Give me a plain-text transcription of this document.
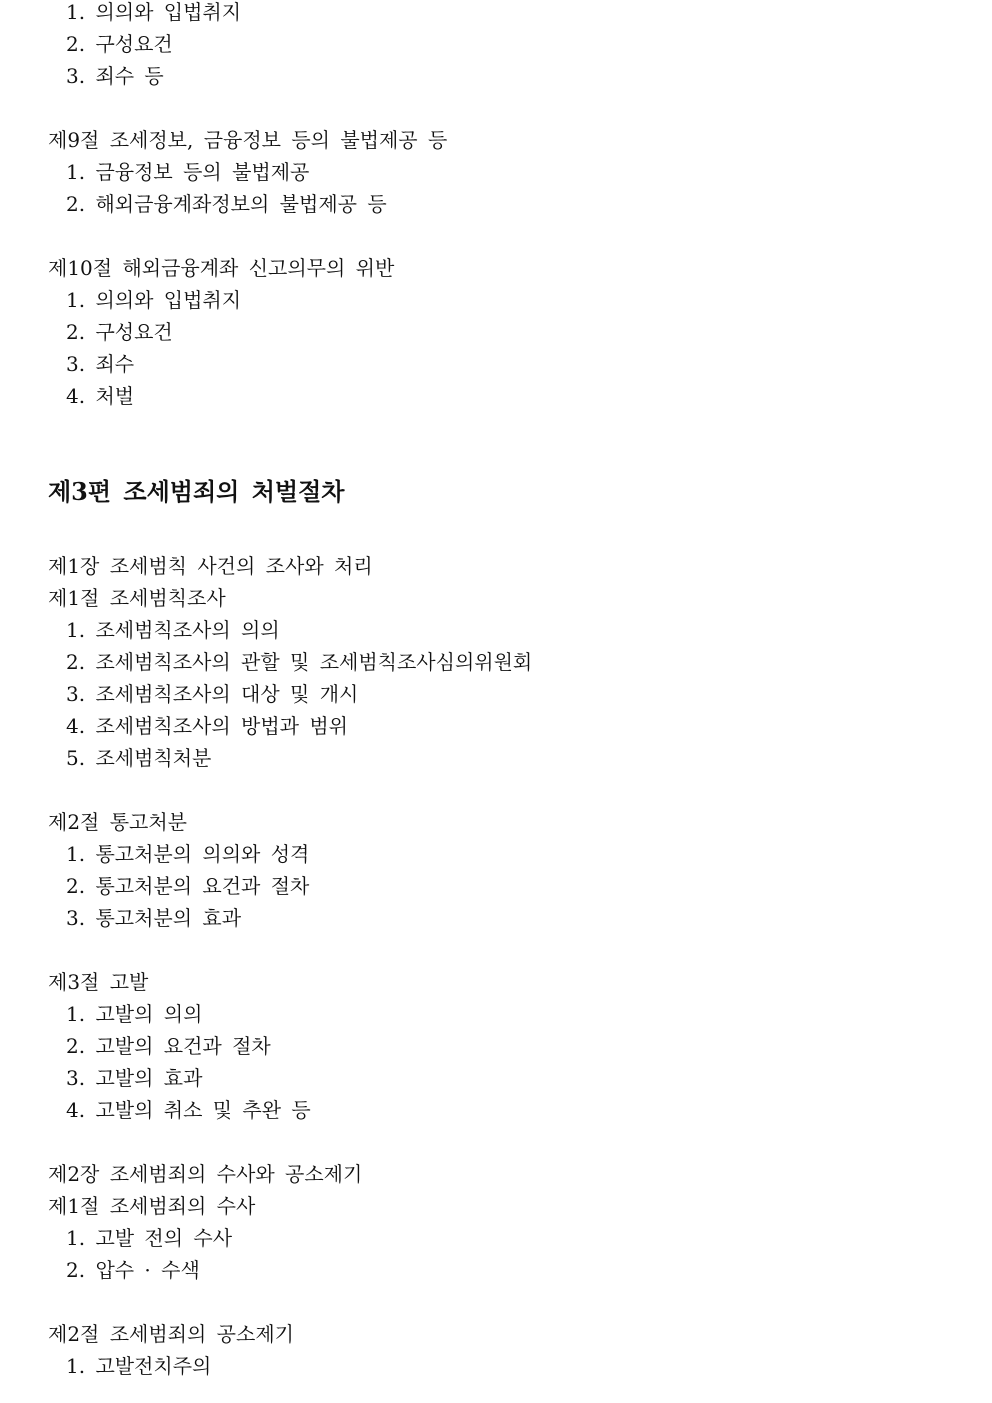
1. 의의와 입법취지
2. 구성요건
3. 죄수 등
제9절 조세정보, 금융정보 등의 불법제공 등
1. 금융정보 등의 불법제공
2. 해외금융계좌정보의 불법제공 등
제10절 해외금융계좌 신고의무의 위반
1. 의의와 입법취지
2. 구성요건
3. 죄수
4. 처벌
제3편 조세범죄의 처벌절차
제1장 조세범칙 사건의 조사와 처리
제1절 조세범칙조사
1. 조세범칙조사의 의의
2. 조세범칙조사의 관할 및 조세범칙조사심의위원회
3. 조세범칙조사의 대상 및 개시
4. 조세범칙조사의 방법과 범위
5. 조세범칙처분
제2절 통고처분
1. 통고처분의 의의와 성격
2. 통고처분의 요건과 절차
3. 통고처분의 효과
제3절 고발
1. 고발의 의의
2. 고발의 요건과 절차
3. 고발의 효과
4. 고발의 취소 및 추완 등
제2장 조세범죄의 수사와 공소제기
제1절 조세범죄의 수사
1. 고발 전의 수사
2. 압수 · 수색
제2절 조세범죄의 공소제기
1. 고발전치주의
